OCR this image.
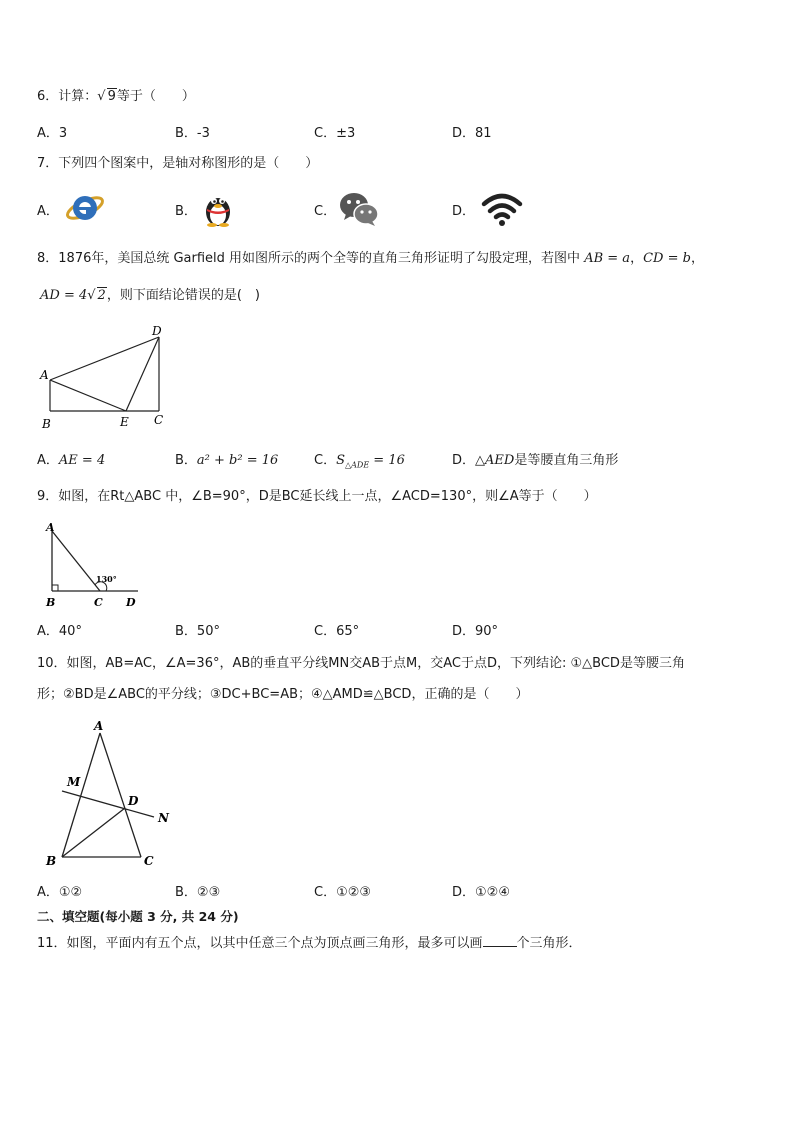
6．计算：√ 9等于（　　）
A．3	B．-3	C．±3	D．81
7．下列四个图案中，是轴对称图形的是（　　）
A．	B．	C．	D．
8．1876年，美国总统 Garfield 用如图所示的两个全等的直角三角形证明了勾股定理，若图中 AB = a，CD = b，
AD = 4√ 2，则下面结论错误的是(　)
A
B	C
D
E
A．AE = 4	B．a² + b² = 16	C．$S_{\triangle ADE} = 16$	D．△AED是等腰直角三角形
9．如图，在Rt△ABC 中，∠B=90°，D是BC延长线上一点，∠ACD=130°，则∠A等于（　　）
A
B	C D
130°
A．40°	B．50°	C．65°	D．90°
10．如图，AB=AC，∠A=36°，AB的垂直平分线MN交AB于点M，交AC于点D，下列结论: ①△BCD是等腰三角
形；②BD是∠ABC的平分线；③DC+BC=AB；④△AMD≌△BCD，正确的是（　　）
A
B	C
D
M
N
A．①②	B．②③	C．①②③	D．①②④
二、填空题(每小题 3 分, 共 24 分)
11．如图，平面内有五个点，以其中任意三个点为顶点画三角形，最多可以画	个三角形．
